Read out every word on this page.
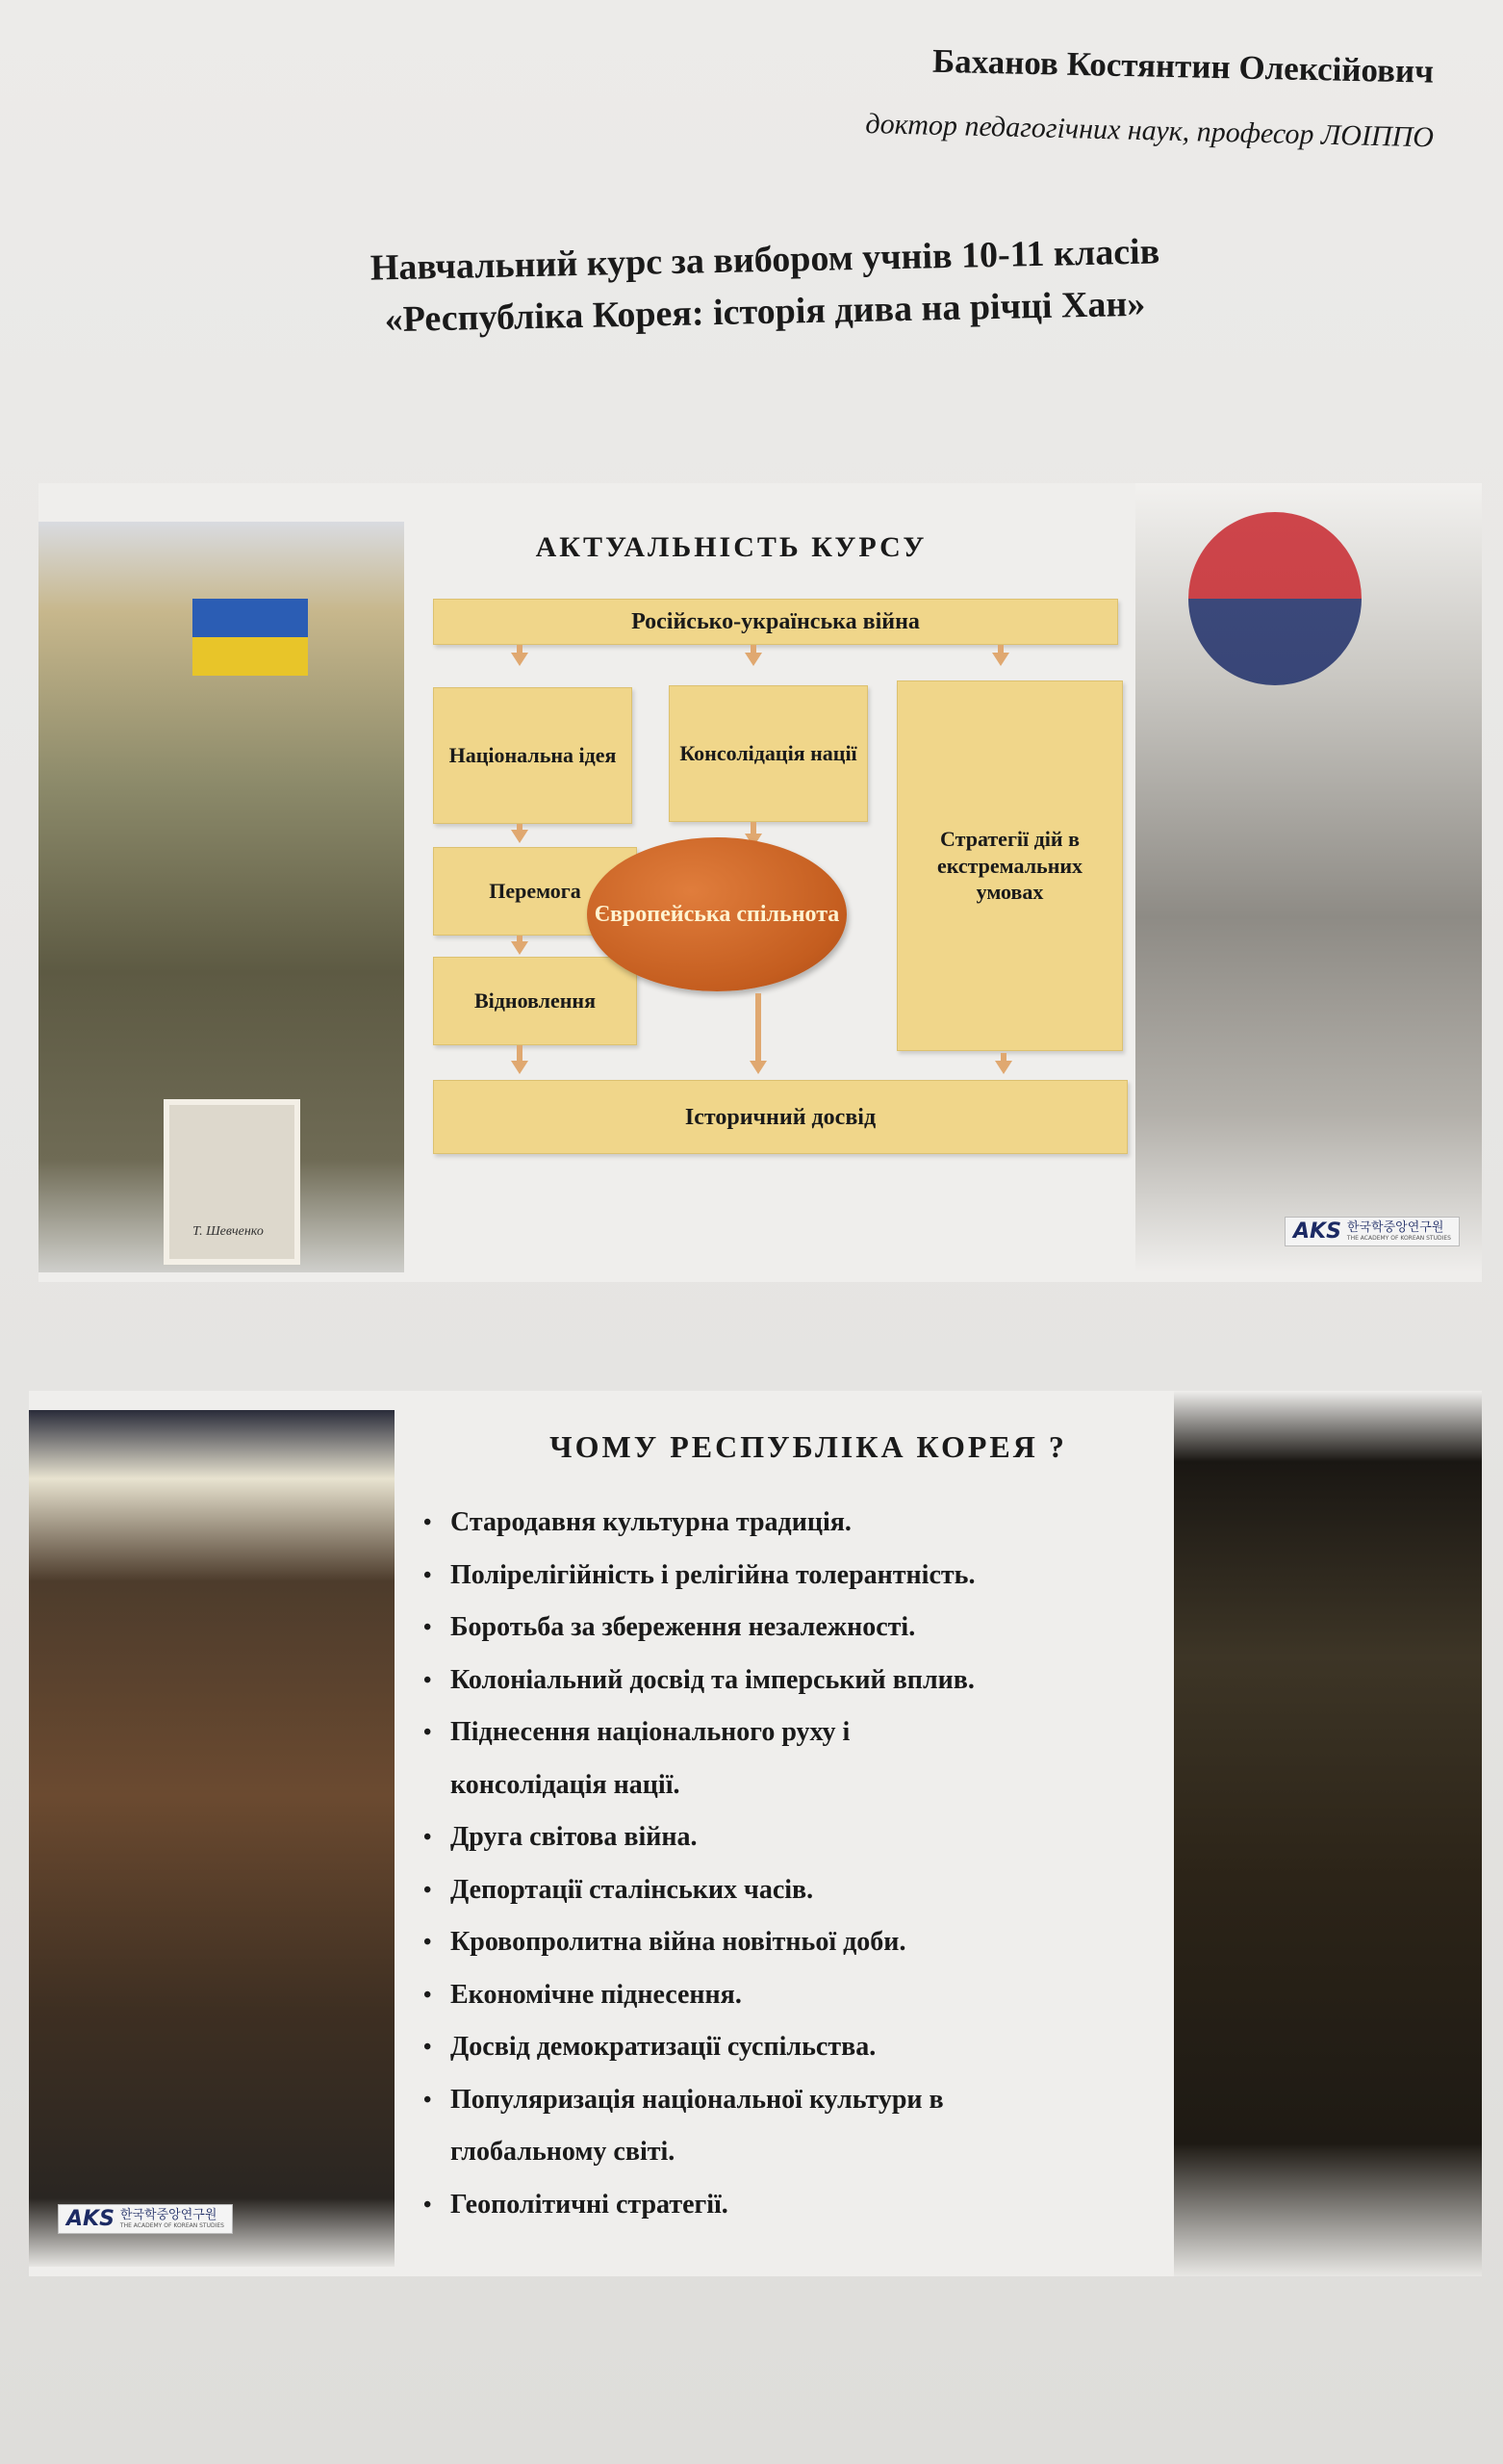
Баханов Костянтин Олексійович
доктор педагогічних наук, професор ЛОІППО
Навчальний курс за вибором учнів 10-11 класів
«Республіка Корея: історія дива на річці Хан»
Т. Шевченко	AKS 한국학중앙연구원
THE ACADEMY OF KOREAN STUDIES
АКТУАЛЬНІСТЬ КУРСУ
Російсько-українська війна
Національна ідея	Консолідація нації
Стратегії дій в екстремальних умовах
Перемога
Відновлення
Європейська спільнота
Історичний досвід
AKS 한국학중앙연구원
THE ACADEMY OF KOREAN STUDIES
ЧОМУ РЕСПУБЛІКА КОРЕЯ ?
• Стародавня культурна традиція.
• Полірелігійність і релігійна толерантність.
• Боротьба за збереження незалежності.
• Колоніальний досвід та імперський вплив.
• Піднесення національного руху і
консолідація нації.
• Друга світова війна.
• Депортації сталінських часів.
• Кровопролитна війна новітньої доби.
• Економічне піднесення.
• Досвід демократизації суспільства.
• Популяризація національної культури в
глобальному світі.
• Геополітичні стратегії.
